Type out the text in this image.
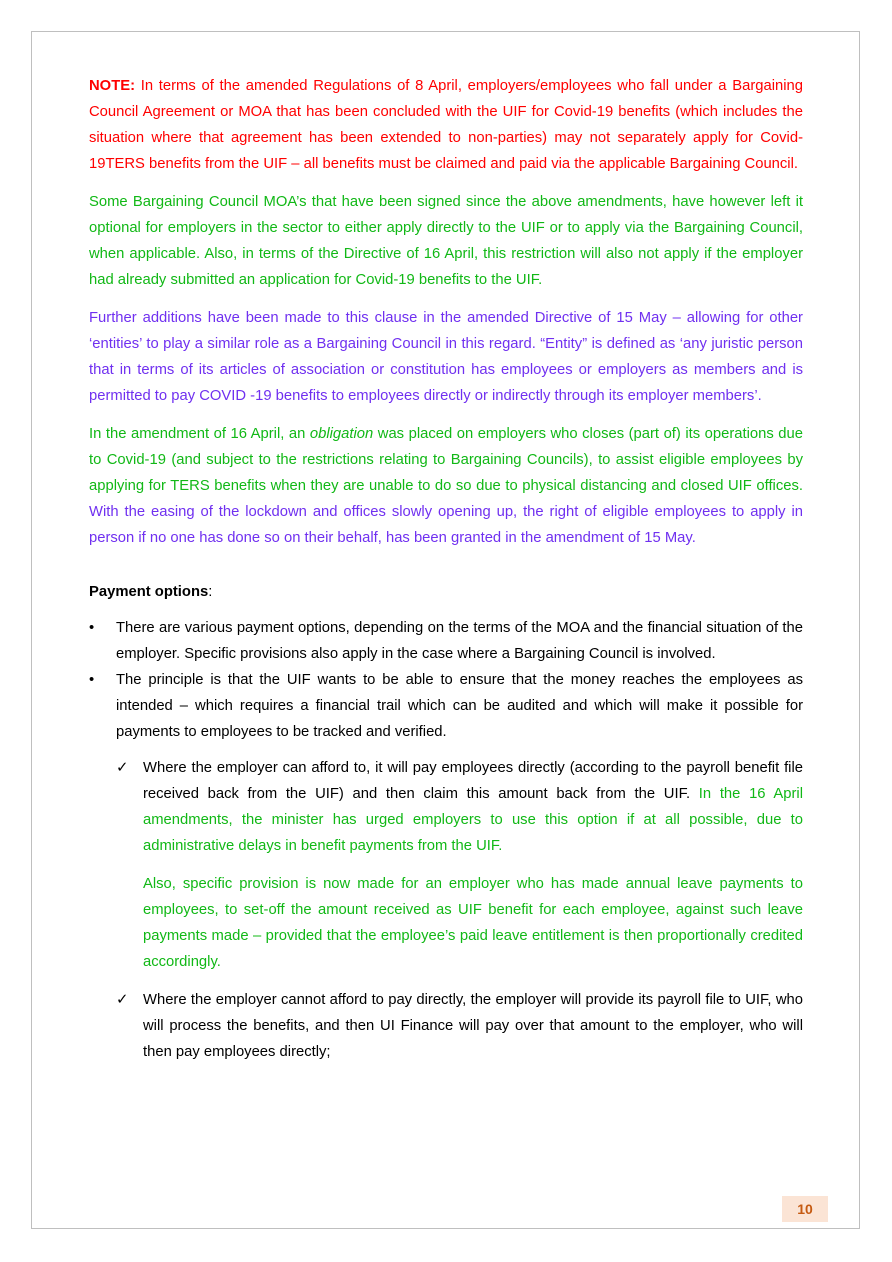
NOTE: In terms of the amended Regulations of 8 April, employers/employees who fall under a Bargaining Council Agreement or MOA that has been concluded with the UIF for Covid-19 benefits (which includes the situation where that agreement has been extended to non-parties) may not separately apply for Covid-19TERS benefits from the UIF – all benefits must be claimed and paid via the applicable Bargaining Council.

Some Bargaining Council MOA’s that have been signed since the above amendments, have however left it optional for employers in the sector to either apply directly to the UIF or to apply via the Bargaining Council, when applicable. Also, in terms of the Directive of 16 April, this restriction will also not apply if the employer had already submitted an application for Covid-19 benefits to the UIF.

Further additions have been made to this clause in the amended Directive of 15 May – allowing for other ‘entities’ to play a similar role as a Bargaining Council in this regard. “Entity” is defined as ‘any juristic person that in terms of its articles of association or constitution has employees or employers as members and is permitted to pay COVID -19 benefits to employees directly or indirectly through its employer members’.

In the amendment of 16 April, an obligation was placed on employers who closes (part of) its operations due to Covid-19 (and subject to the restrictions relating to Bargaining Councils), to assist eligible employees by applying for TERS benefits when they are unable to do so due to physical distancing and closed UIF offices. With the easing of the lockdown and offices slowly opening up, the right of eligible employees to apply in person if no one has done so on their behalf, has been granted in the amendment of 15 May.

Payment options:

•	There are various payment options, depending on the terms of the MOA and the financial situation of the employer. Specific provisions also apply in the case where a Bargaining Council is involved.
•	The principle is that the UIF wants to be able to ensure that the money reaches the employees as intended – which requires a financial trail which can be audited and which will make it possible for payments to employees to be tracked and verified.
✓ Where the employer can afford to, it will pay employees directly (according to the payroll benefit file received back from the UIF) and then claim this amount back from the UIF. In the 16 April amendments, the minister has urged employers to use this option if at all possible, due to administrative delays in benefit payments from the UIF.

Also, specific provision is now made for an employer who has made annual leave payments to employees, to set-off the amount received as UIF benefit for each employee, against such leave payments made – provided that the employee’s paid leave entitlement is then proportionally credited accordingly.

✓ Where the employer cannot afford to pay directly, the employer will provide its payroll file to UIF, who will process the benefits, and then UI Finance will pay over that amount to the employer, who will then pay employees directly;
10
